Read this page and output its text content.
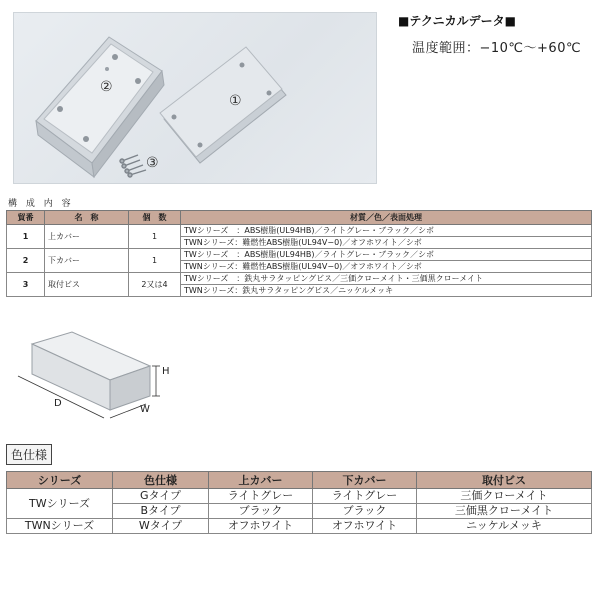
①
②
③
■テクニカルデータ■
温度範囲：−10℃〜+60℃
構 成 内 容
貿番	名　称	個　数	材質／色／表面処理
1	上カバー	1	TWシリーズ　：ABS樹脂(UL94HB)／ライトグレー・ブラック／シボ
			TWNシリーズ：難燃性ABS樹脂(UL94V−0)／オフホワイト／シボ
2	下カバー	1	TWシリーズ　：ABS樹脂(UL94HB)／ライトグレー・ブラック／シボ
			TWNシリーズ：難燃性ABS樹脂(UL94V−0)／オフホワイト／シボ
3	取付ビス	2又は4	TWシリーズ　：鉄丸サラタッピングビス／三価クローメイト・三価黒クローメイト
			TWNシリーズ：鉄丸サラタッピングビス／ニッケルメッキ
D
W
H
色仕様
シリーズ	色仕様	上カバー	下カバー	取付ビス
TWシリーズ	Gタイプ	ライトグレー	ライトグレー	三価クローメイト
	Bタイプ	ブラック	ブラック	三価黒クローメイト
TWNシリーズ	Wタイプ	オフホワイト	オフホワイト	ニッケルメッキ
